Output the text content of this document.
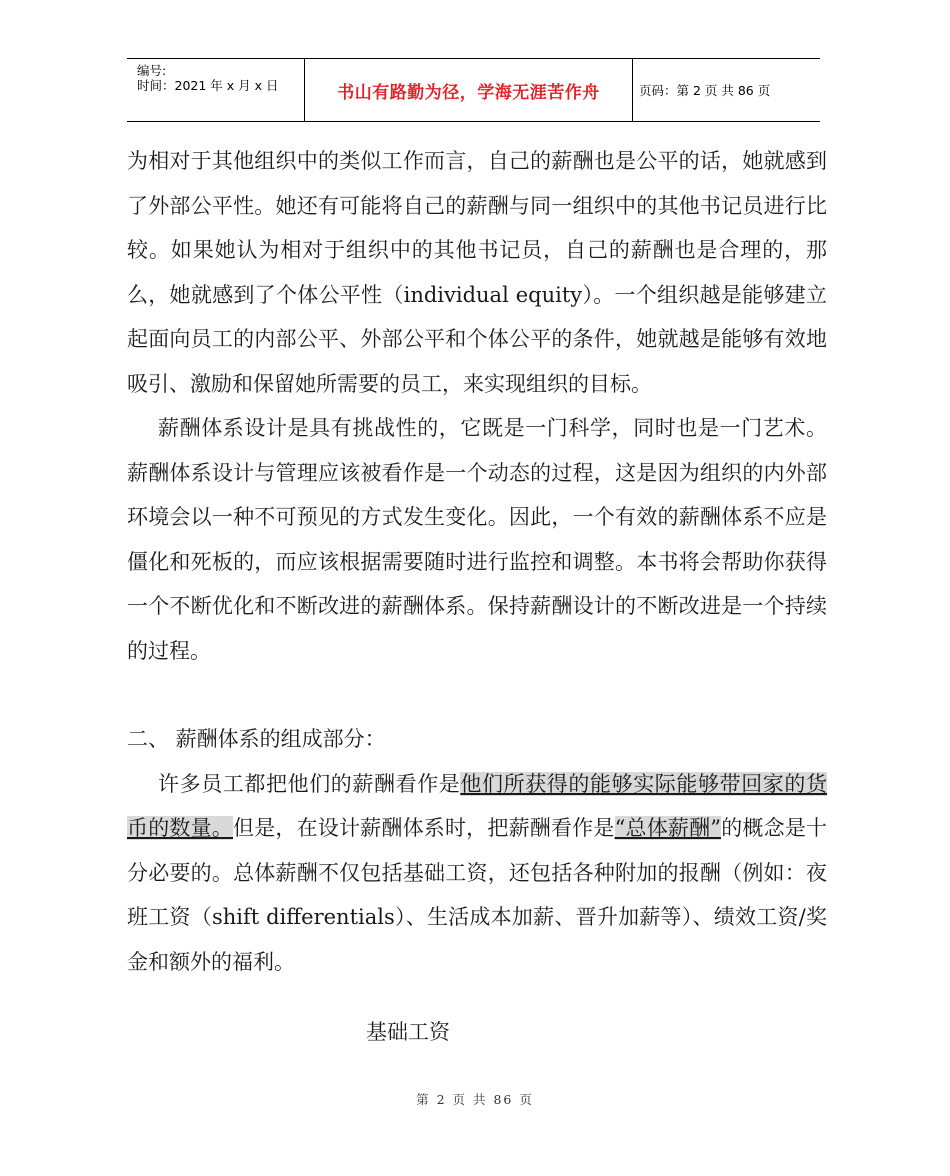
编号:
时间：2021 年 x 月 x 日	书山有路勤为径，学海无涯苦作舟	页码：第 2 页 共 86 页

为相对于其他组织中的类似工作而言，自己的薪酬也是公平的话，她就感到了外部公平性。她还有可能将自己的薪酬与同一组织中的其他书记员进行比较。如果她认为相对于组织中的其他书记员，自己的薪酬也是合理的，那么，她就感到了个体公平性（individual equity）。一个组织越是能够建立起面向员工的内部公平、外部公平和个体公平的条件，她就越是能够有效地吸引、激励和保留她所需要的员工，来实现组织的目标。

薪酬体系设计是具有挑战性的，它既是一门科学，同时也是一门艺术。薪酬体系设计与管理应该被看作是一个动态的过程，这是因为组织的内外部环境会以一种不可预见的方式发生变化。因此，一个有效的薪酬体系不应是僵化和死板的，而应该根据需要随时进行监控和调整。本书将会帮助你获得一个不断优化和不断改进的薪酬体系。保持薪酬设计的不断改进是一个持续的过程。

二、 薪酬体系的组成部分：

许多员工都把他们的薪酬看作是他们所获得的能够实际能够带回家的货币的数量。但是，在设计薪酬体系时，把薪酬看作是“总体薪酬”的概念是十分必要的。总体薪酬不仅包括基础工资，还包括各种附加的报酬（例如：夜班工资（shift differentials）、生活成本加薪、晋升加薪等）、绩效工资/奖金和额外的福利。

基础工资
第 2 页 共 86 页
